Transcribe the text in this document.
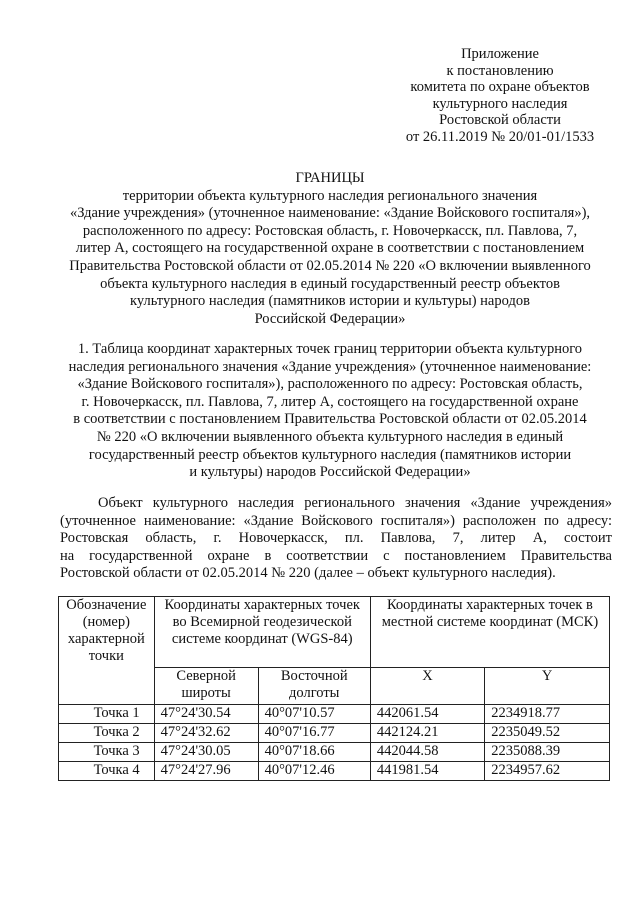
Приложение
к постановлению
комитета по охране объектов
культурного наследия
Ростовской области
от 26.11.2019 № 20/01-01/1533
ГРАНИЦЫ
территории объекта культурного наследия регионального значения
«Здание учреждения» (уточненное наименование: «Здание Войскового госпиталя»),
расположенного по адресу: Ростовская область, г. Новочеркасск, пл. Павлова, 7,
литер А, состоящего на государственной охране в соответствии с постановлением
Правительства Ростовской области от 02.05.2014 № 220 «О включении выявленного
объекта культурного наследия в единый государственный реестр объектов
культурного наследия (памятников истории и культуры) народов
Российской Федерации»
1. Таблица координат характерных точек границ территории объекта культурного
наследия регионального значения «Здание учреждения» (уточненное наименование:
«Здание Войскового госпиталя»), расположенного по адресу: Ростовская область,
г. Новочеркасск, пл. Павлова, 7, литер А, состоящего на государственной охране
в соответствии с постановлением Правительства Ростовской области от 02.05.2014
№ 220 «О включении выявленного объекта культурного наследия в единый
государственный реестр объектов культурного наследия (памятников истории
и культуры) народов Российской Федерации»
Объект культурного наследия регионального значения «Здание учреждения»
(уточненное наименование: «Здание Войскового госпиталя») расположен по адресу:
Ростовская область, г. Новочеркасск, пл. Павлова, 7, литер А, состоит
на государственной охране в соответствии с постановлением Правительства
Ростовской области от 02.05.2014 № 220 (далее – объект культурного наследия).
Обозначение (номер) характерной точки	Координаты характерных точек во Всемирной геодезической системе координат (WGS-84)		Координаты характерных точек в местной системе координат (МСК)	
	Северной широты	Восточной долготы	X	Y
Точка 1	47°24'30.54	40°07'10.57	442061.54	2234918.77
Точка 2	47°24'32.62	40°07'16.77	442124.21	2235049.52
Точка 3	47°24'30.05	40°07'18.66	442044.58	2235088.39
Точка 4	47°24'27.96	40°07'12.46	441981.54	2234957.62
